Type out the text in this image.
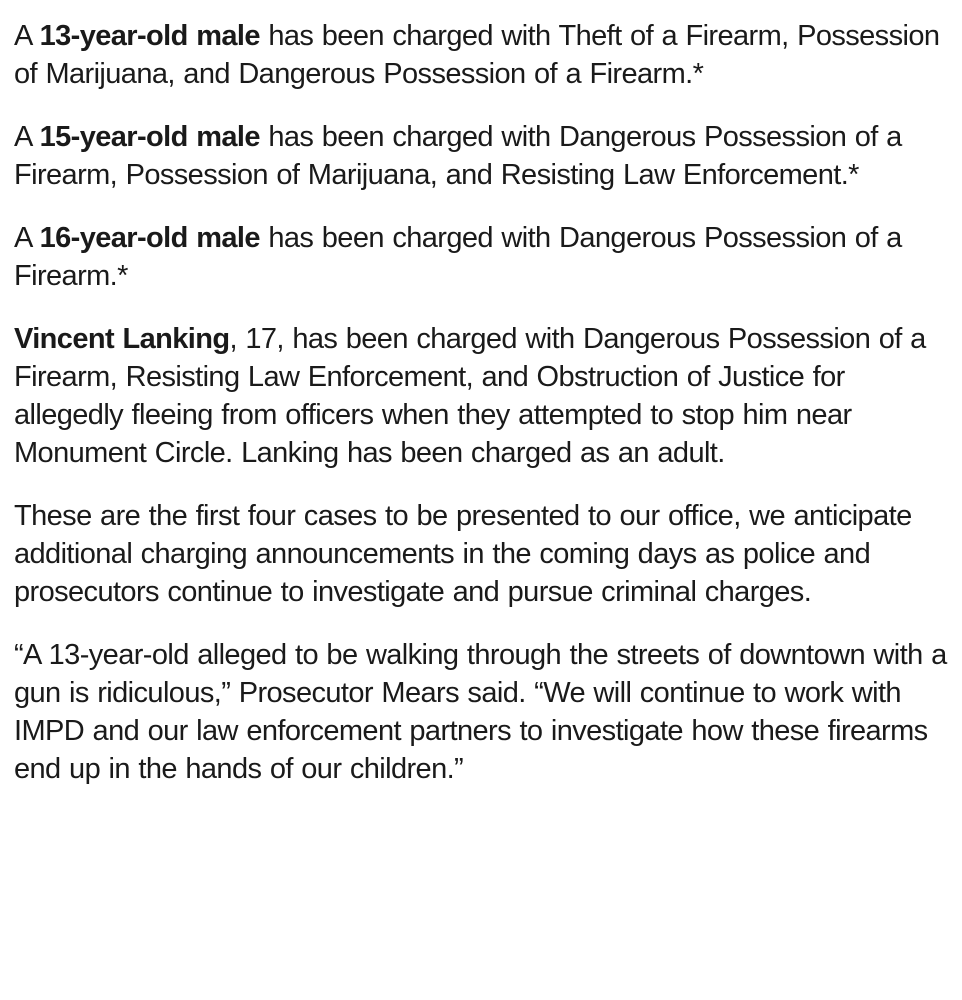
A 13-year-old male has been charged with Theft of a Firearm, Possession of Marijuana, and Dangerous Possession of a Firearm.*

A 15-year-old male has been charged with Dangerous Possession of a Firearm, Possession of Marijuana, and Resisting Law Enforcement.*

A 16-year-old male has been charged with Dangerous Possession of a Firearm.*

Vincent Lanking, 17, has been charged with Dangerous Possession of a Firearm, Resisting Law Enforcement, and Obstruction of Justice for allegedly fleeing from officers when they attempted to stop him near Monument Circle. Lanking has been charged as an adult.

These are the first four cases to be presented to our office, we anticipate additional charging announcements in the coming days as police and prosecutors continue to investigate and pursue criminal charges.

“A 13-year-old alleged to be walking through the streets of downtown with a gun is ridiculous,” Prosecutor Mears said. “We will continue to work with IMPD and our law enforcement partners to investigate how these firearms end up in the hands of our children.”
